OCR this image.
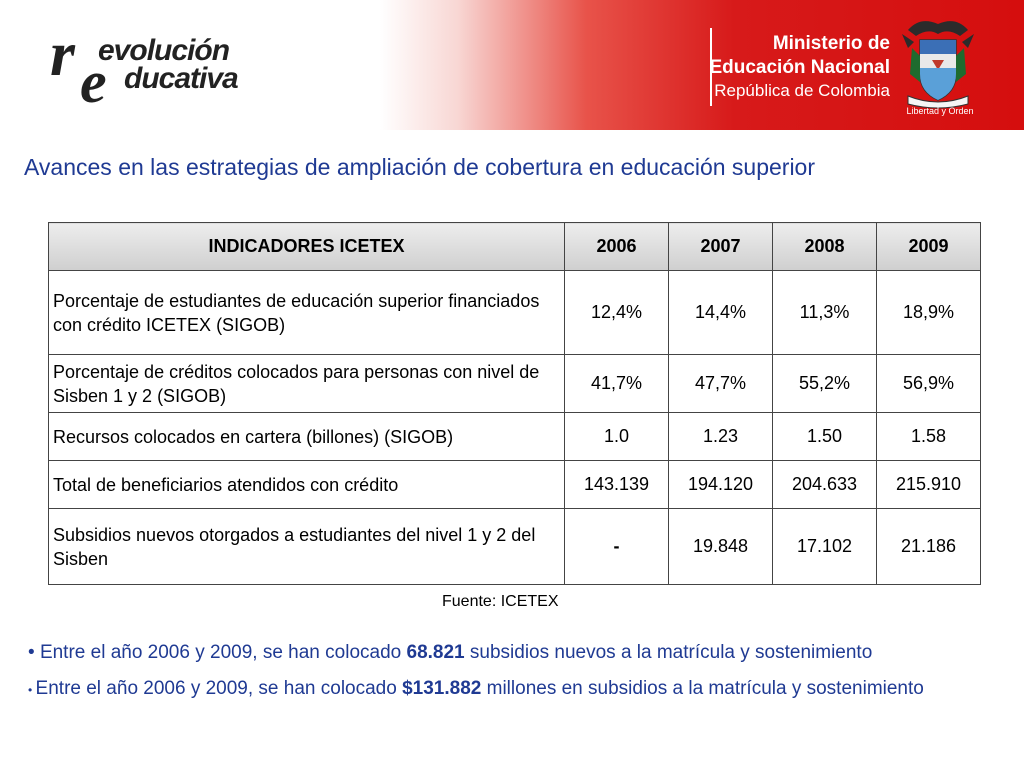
r e
evolución
ducativa
Ministerio de
Educación Nacional
República de Colombia
Libertad y Orden
Avances en las estrategias de ampliación de cobertura en educación superior
INDICADORES ICETEX	2006	2007	2008	2009
Porcentaje de estudiantes de educación superior financiados con crédito ICETEX (SIGOB)	12,4%	14,4%	11,3%	18,9%
Porcentaje de créditos colocados para personas con nivel de Sisben 1 y 2 (SIGOB)	41,7%	47,7%	55,2%	56,9%
Recursos colocados en cartera (billones) (SIGOB)	1.0	1.23	1.50	1.58
Total de beneficiarios atendidos con crédito	143.139	194.120	204.633	215.910
Subsidios nuevos otorgados a estudiantes del nivel 1 y 2 del Sisben	-	19.848	17.102	21.186
Fuente: ICETEX
• Entre el año 2006 y 2009, se han colocado 68.821 subsidios nuevos a la matrícula y sostenimiento
• Entre el año 2006 y 2009, se han colocado $131.882 millones en subsidios a la matrícula y sostenimiento
